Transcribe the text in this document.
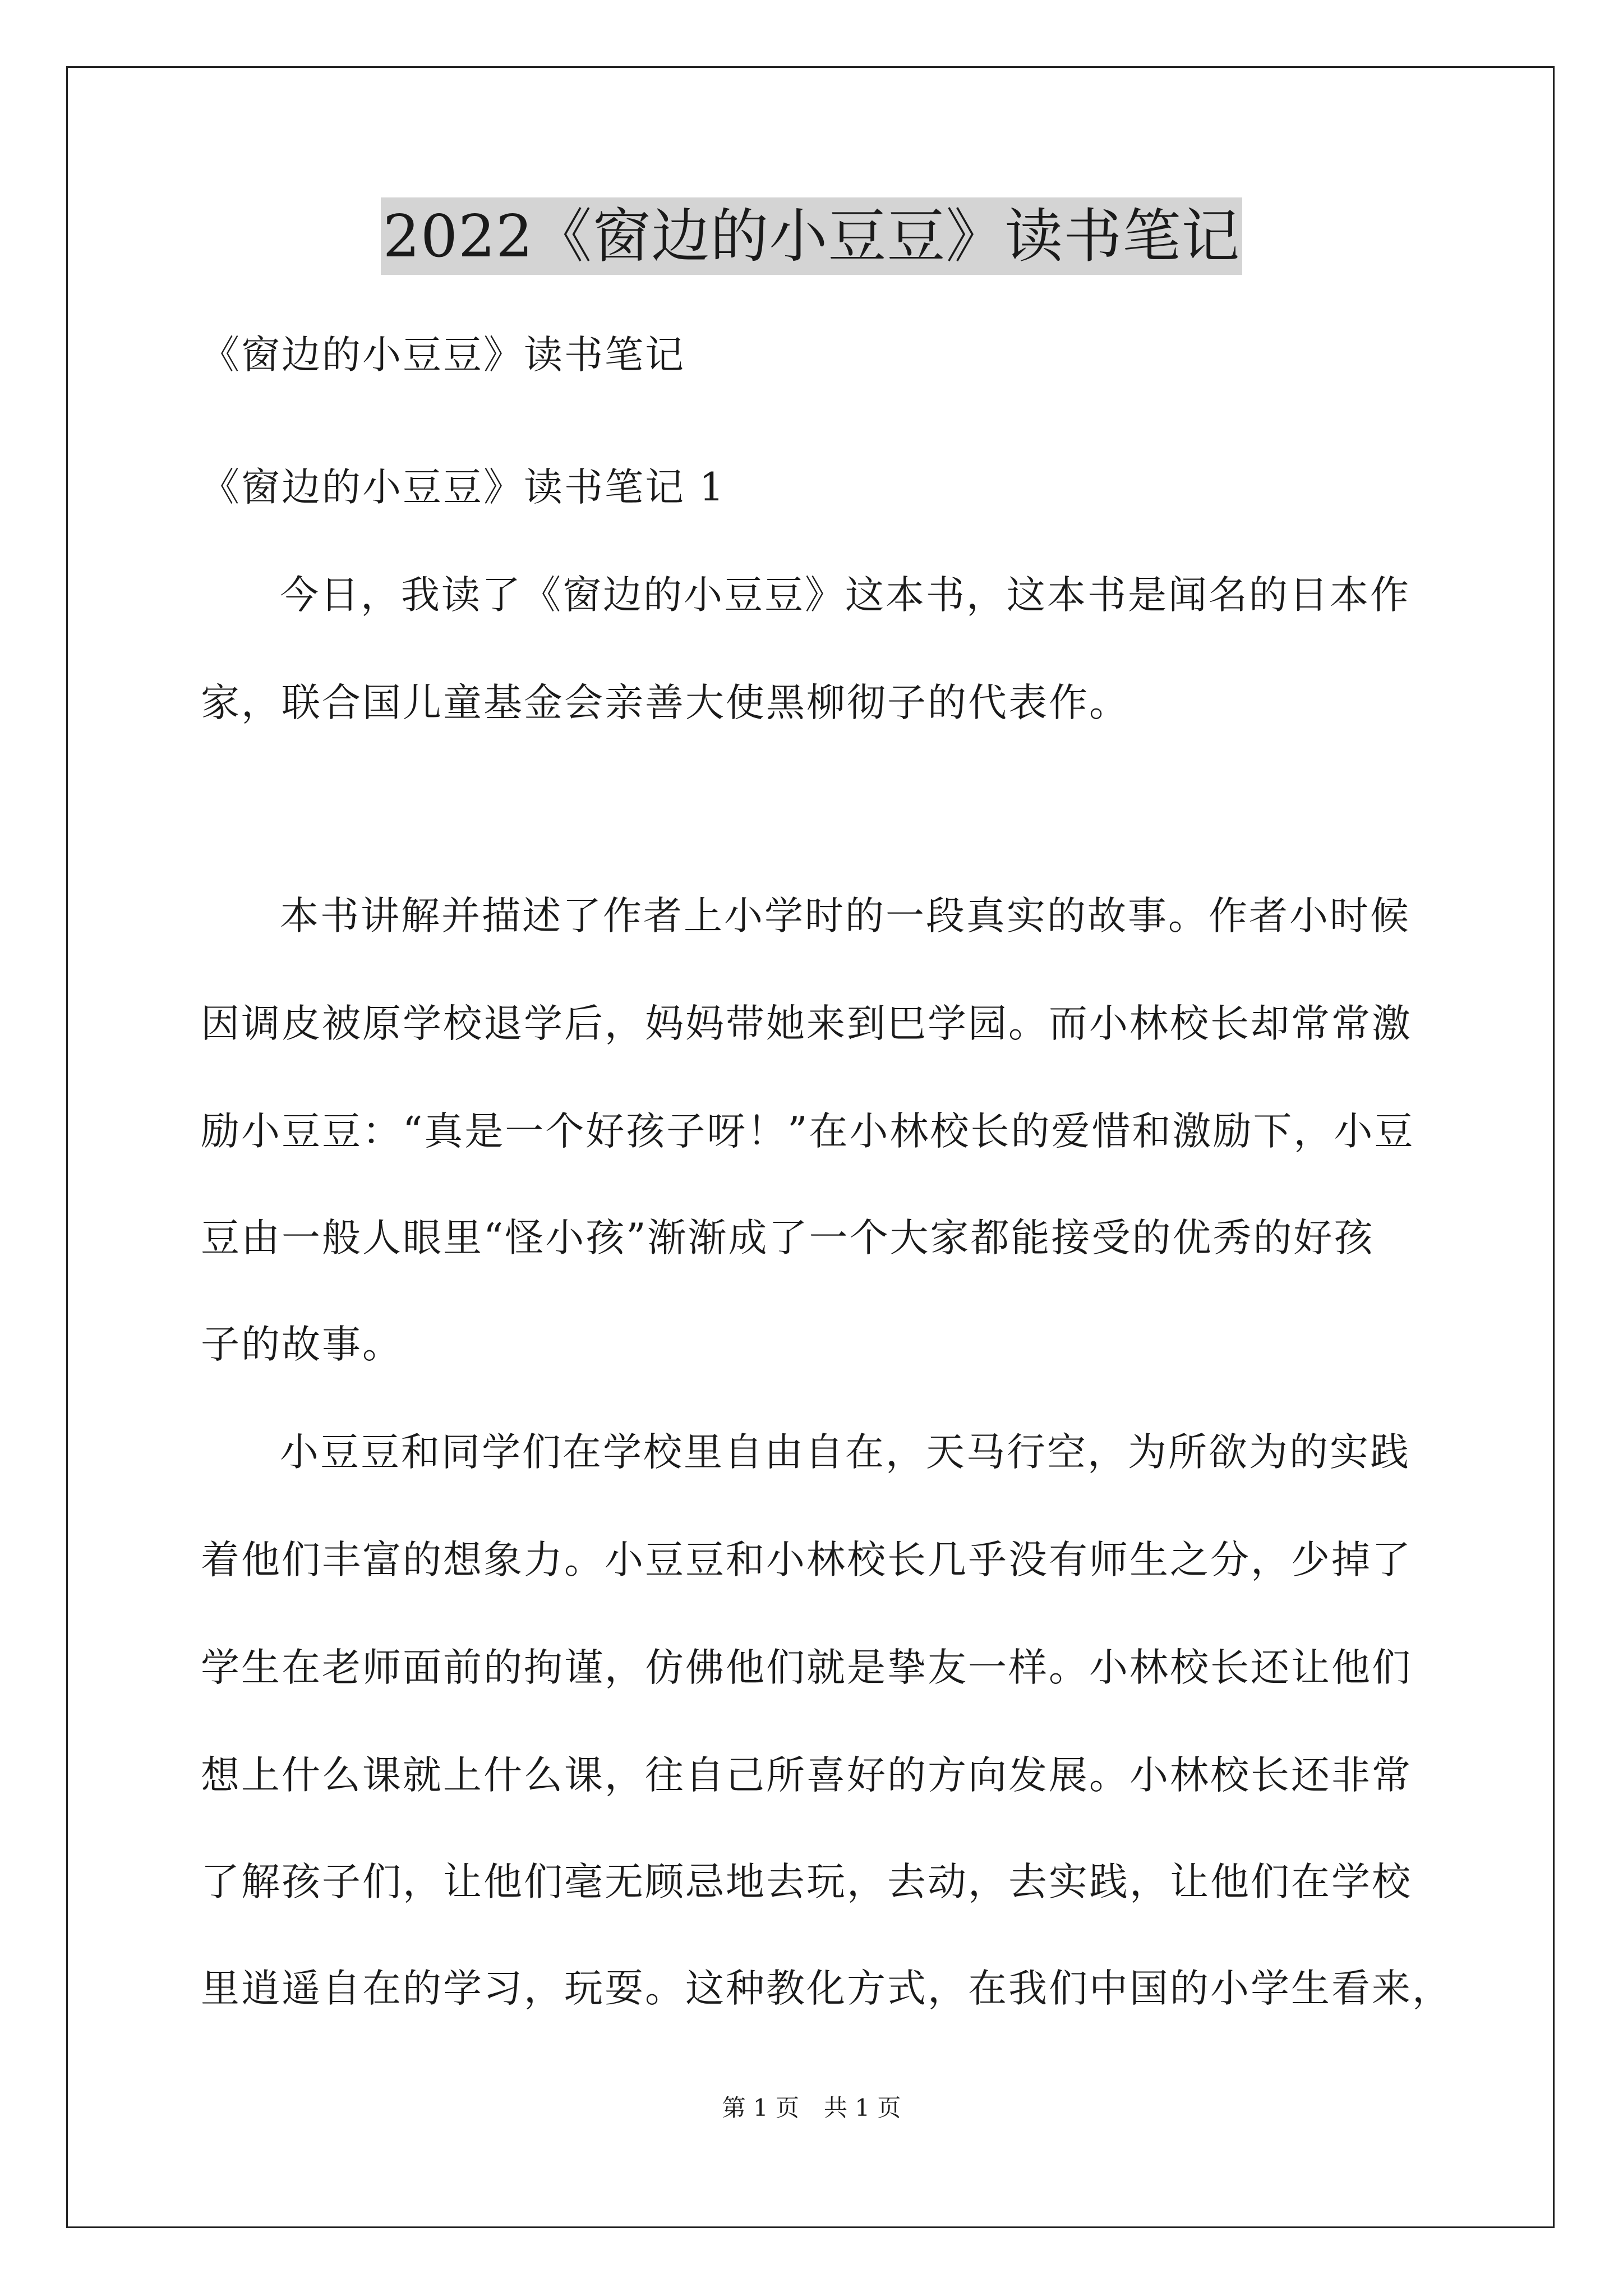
2022《窗边的小豆豆》读书笔记
《窗边的小豆豆》读书笔记
《窗边的小豆豆》读书笔记 1
今日，我读了《窗边的小豆豆》这本书，这本书是闻名的日本作
家，联合国儿童基金会亲善大使黑柳彻子的代表作。
本书讲解并描述了作者上小学时的一段真实的故事。作者小时候
因调皮被原学校退学后，妈妈带她来到巴学园。而小林校长却常常激
励小豆豆：“真是一个好孩子呀！”在小林校长的爱惜和激励下，小豆
豆由一般人眼里“怪小孩”渐渐成了一个大家都能接受的优秀的好孩
子的故事。
小豆豆和同学们在学校里自由自在，天马行空，为所欲为的实践
着他们丰富的想象力。小豆豆和小林校长几乎没有师生之分，少掉了
学生在老师面前的拘谨，仿佛他们就是挚友一样。小林校长还让他们
想上什么课就上什么课，往自己所喜好的方向发展。小林校长还非常
了解孩子们，让他们毫无顾忌地去玩，去动，去实践，让他们在学校
里逍遥自在的学习，玩耍。这种教化方式，在我们中国的小学生看来，
第 1 页 共 1 页
